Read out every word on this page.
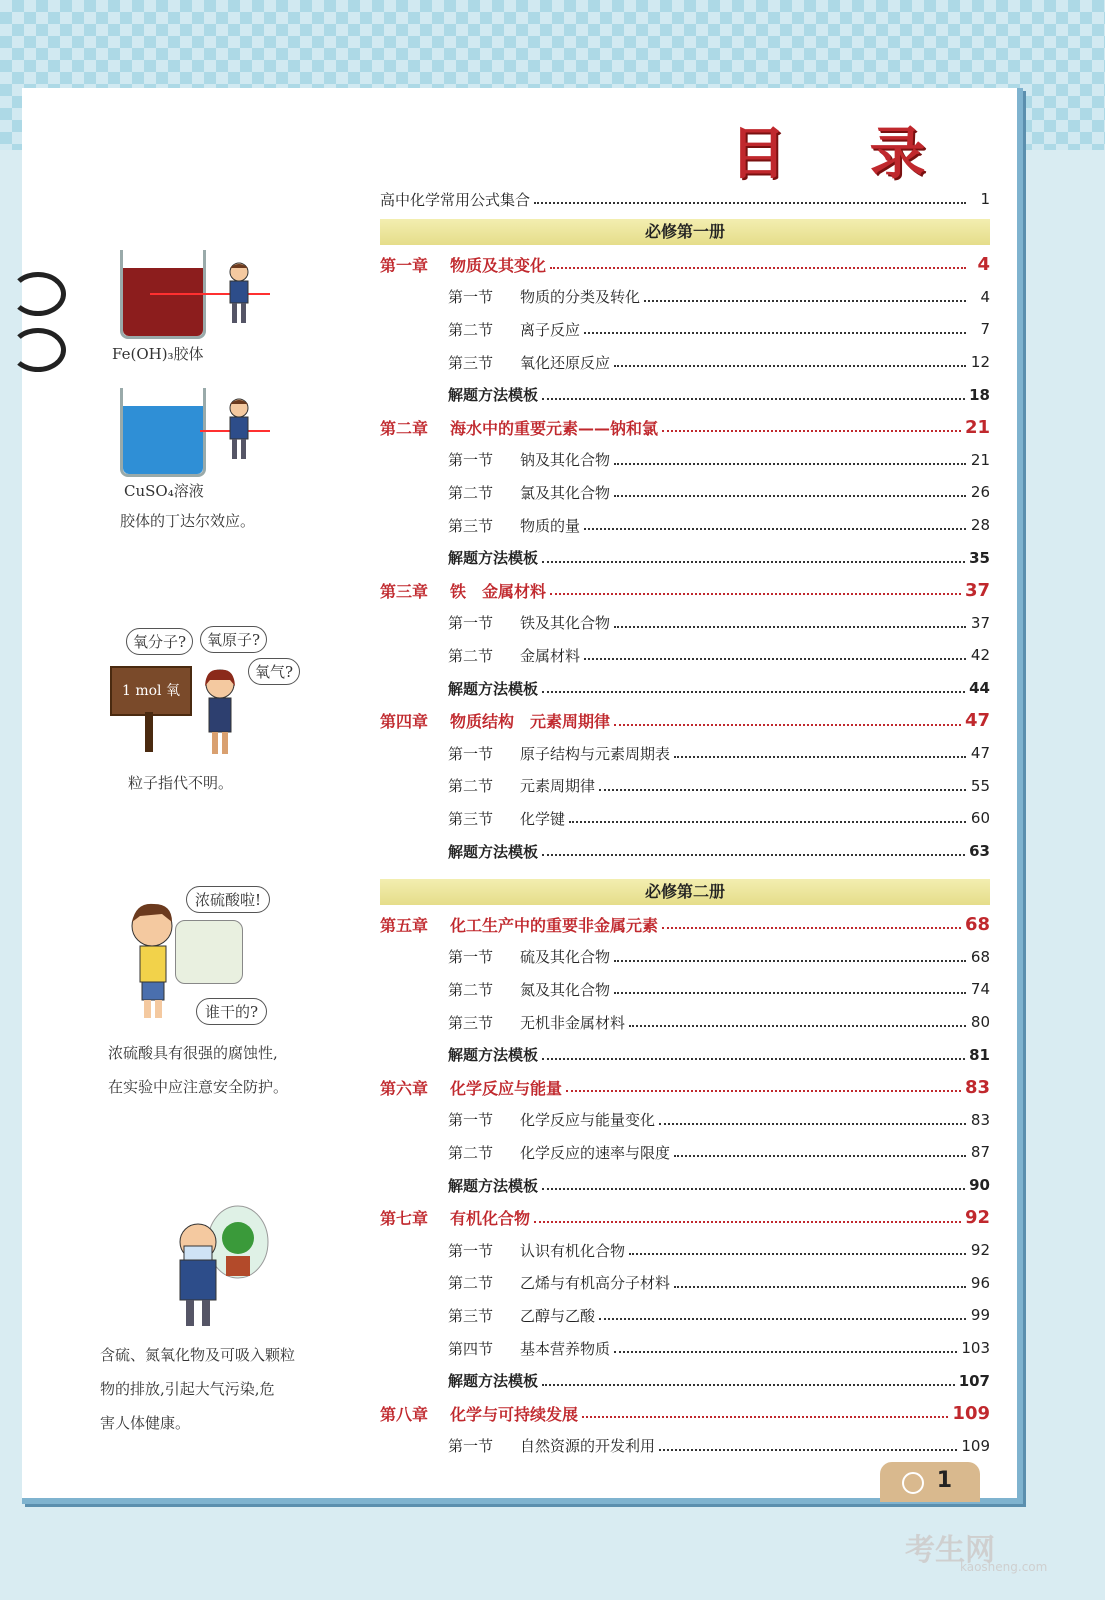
Fe(OH)₃胶体
CuSO₄溶液
胶体的丁达尔效应。
氧分子?	氧原子?
氧气?
1 mol 氧
粒子指代不明。
浓硫酸啦!
谁干的?
浓硫酸具有很强的腐蚀性,
在实验中应注意安全防护。
含硫、氮氧化物及可吸入颗粒
物的排放,引起大气污染,危
害人体健康。
目 录
高中化学常用公式集合	1
必修第一册
第一章 物质及其变化	4
第一节 物质的分类及转化	4
第二节 离子反应	7
第三节 氧化还原反应	12
解题方法模板	18
第二章 海水中的重要元素——钠和氯	21
第一节 钠及其化合物	21
第二节 氯及其化合物	26
第三节 物质的量	28
解题方法模板	35
第三章 铁　金属材料	37
第一节 铁及其化合物	37
第二节 金属材料	42
解题方法模板	44
第四章 物质结构　元素周期律	47
第一节 原子结构与元素周期表	47
第二节 元素周期律	55
第三节 化学键	60
解题方法模板	63
必修第二册
第五章 化工生产中的重要非金属元素	68
第一节 硫及其化合物	68
第二节 氮及其化合物	74
第三节 无机非金属材料	80
解题方法模板	81
第六章 化学反应与能量	83
第一节 化学反应与能量变化	83
第二节 化学反应的速率与限度	87
解题方法模板	90
第七章 有机化合物	92
第一节 认识有机化合物	92
第二节 乙烯与有机高分子材料	96
第三节 乙醇与乙酸	99
第四节 基本营养物质	103
解题方法模板	107
第八章 化学与可持续发展	109
第一节 自然资源的开发利用	109
1
考生网
kaosheng.com
